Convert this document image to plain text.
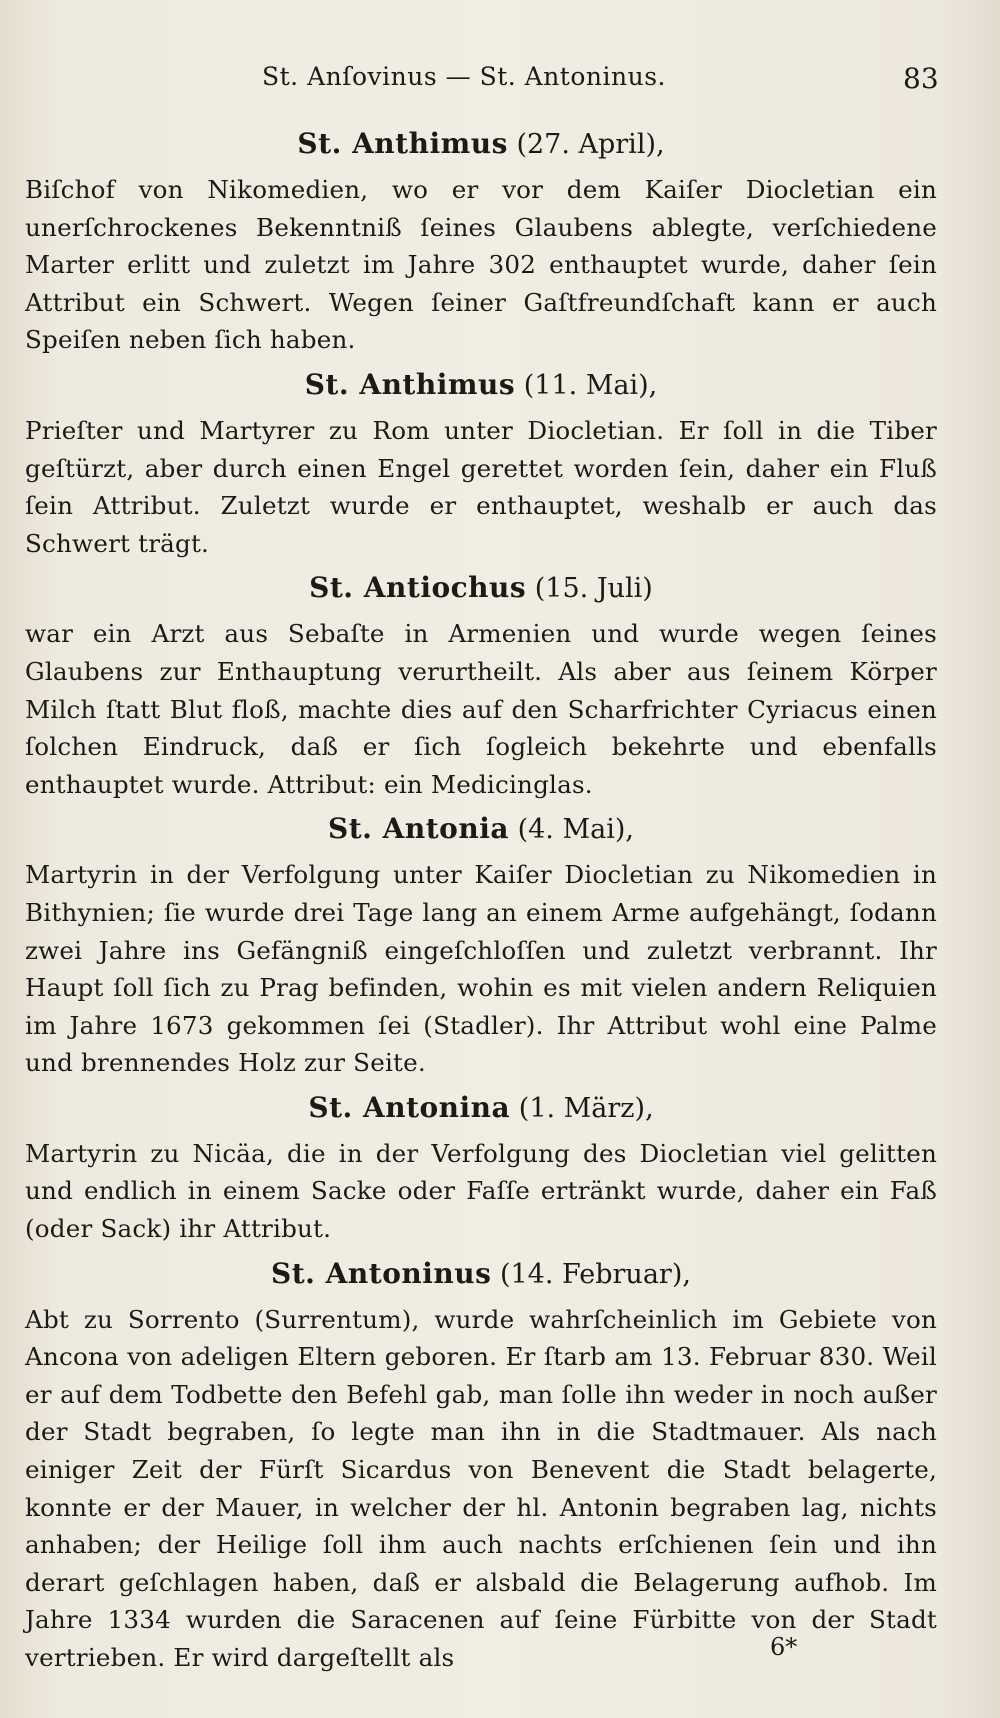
St. Anſovinus — St. Antoninus.	83

St. Anthimus (27. April),

Biſchof von Nikomedien, wo er vor dem Kaiſer Diocletian ein unerſchrockenes Bekenntniß ſeines Glaubens ablegte, verſchiedene Marter erlitt und zuletzt im Jahre 302 enthauptet wurde, daher ſein Attribut ein Schwert. Wegen ſeiner Gaſtfreundſchaft kann er auch Speiſen neben ſich haben.

St. Anthimus (11. Mai),

Prieſter und Martyrer zu Rom unter Diocletian. Er ſoll in die Tiber geſtürzt, aber durch einen Engel gerettet worden ſein, daher ein Fluß ſein Attribut. Zuletzt wurde er enthauptet, weshalb er auch das Schwert trägt.

St. Antiochus (15. Juli)

war ein Arzt aus Sebaſte in Armenien und wurde wegen ſeines Glaubens zur Enthauptung verurtheilt. Als aber aus ſeinem Körper Milch ſtatt Blut floß, machte dies auf den Scharfrichter Cyriacus einen ſolchen Eindruck, daß er ſich ſogleich bekehrte und ebenfalls enthauptet wurde. Attribut: ein Medicinglas.

St. Antonia (4. Mai),

Martyrin in der Verfolgung unter Kaiſer Diocletian zu Nikomedien in Bithynien; ſie wurde drei Tage lang an einem Arme aufgehängt, ſodann zwei Jahre ins Gefängniß eingeſchloſſen und zuletzt verbrannt. Ihr Haupt ſoll ſich zu Prag befinden, wohin es mit vielen andern Reliquien im Jahre 1673 gekommen ſei (Stadler). Ihr Attribut wohl eine Palme und brennendes Holz zur Seite.

St. Antonina (1. März),

Martyrin zu Nicäa, die in der Verfolgung des Diocletian viel gelitten und endlich in einem Sacke oder Faſſe ertränkt wurde, daher ein Faß (oder Sack) ihr Attribut.

St. Antoninus (14. Februar),

Abt zu Sorrento (Surrentum), wurde wahrſcheinlich im Gebiete von Ancona von adeligen Eltern geboren. Er ſtarb am 13. Februar 830. Weil er auf dem Todbette den Befehl gab, man ſolle ihn weder in noch außer der Stadt begraben, ſo legte man ihn in die Stadtmauer. Als nach einiger Zeit der Fürſt Sicardus von Benevent die Stadt belagerte, konnte er der Mauer, in welcher der hl. Antonin begraben lag, nichts anhaben; der Heilige ſoll ihm auch nachts erſchienen ſein und ihn derart geſchlagen haben, daß er alsbald die Belagerung aufhob. Im Jahre 1334 wurden die Saracenen auf ſeine Fürbitte von der Stadt vertrieben. Er wird dargeſtellt als	6*
